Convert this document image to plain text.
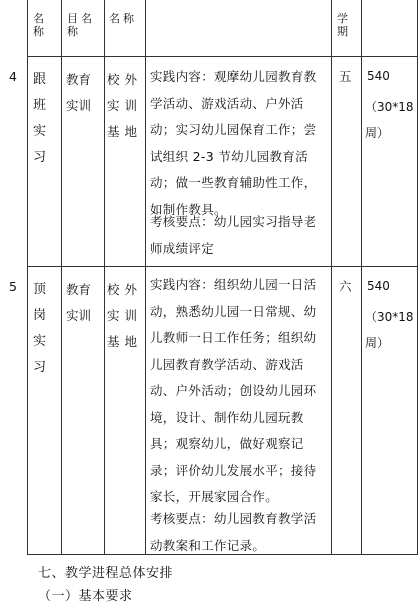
名称
目名称
名称	学期
4 跟班实习
教育实训
校外实训基地
实践内容：观摩幼儿园教育教学活动、游戏活动、户外活动；实习幼儿园保育工作；尝试组织 2-3 节幼儿园教育活动；做一些教育辅助性工作，如制作教具。
考核要点：幼儿园实习指导老师成绩评定
五 540
（30*18周）
5 顶岗实习
教育实训
校外实训基地
实践内容：组织幼儿园一日活动，熟悉幼儿园一日常规、幼儿教师一日工作任务；组织幼儿园教育教学活动、游戏活动、户外活动；创设幼儿园环境，设计、制作幼儿园玩教具；观察幼儿，做好观察记录；评价幼儿发展水平；接待家长，开展家园合作。
考核要点：幼儿园教育教学活动教案和工作记录。
六 540
（30*18周）
七、教学进程总体安排
（一）基本要求
